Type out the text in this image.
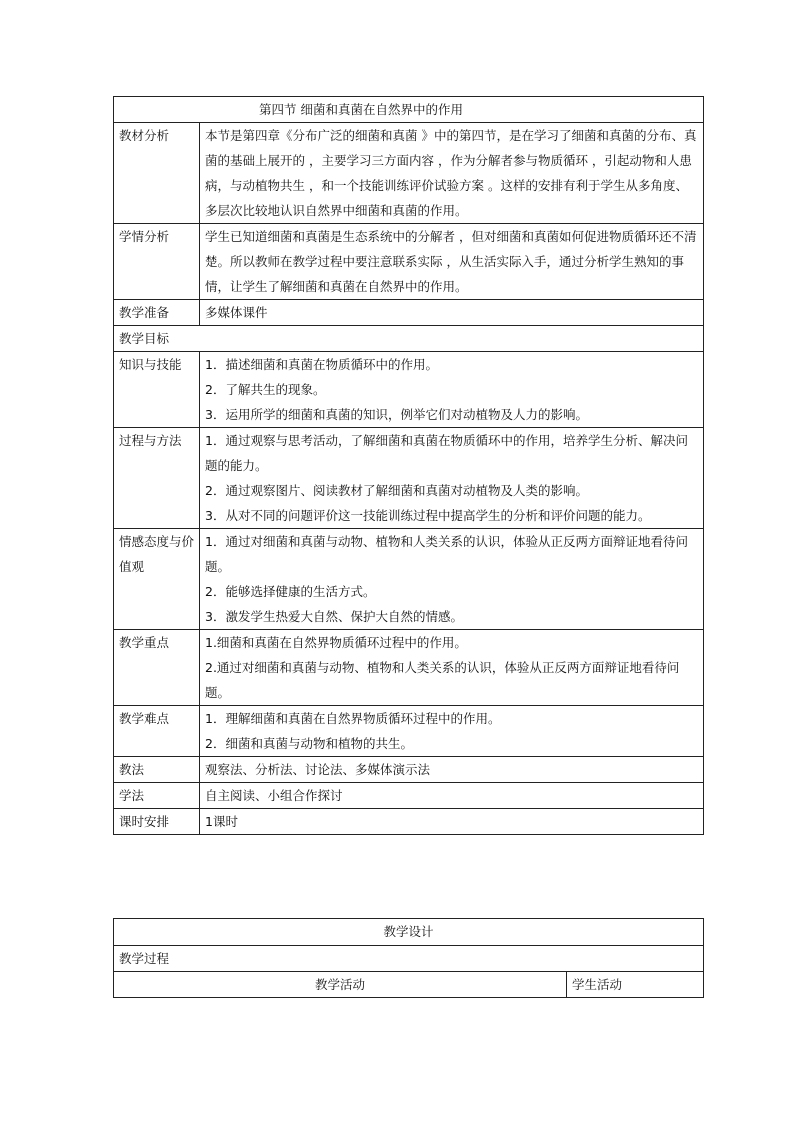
第四节 细菌和真菌在自然界中的作用	
教材分析	本节是第四章《分布广泛的细菌和真菌 》中的第四节，是在学习了细菌和真菌的分布、真菌的基础上展开的 ，主要学习三方面内容 ，作为分解者参与物质循环 ，引起动物和人患病，与动植物共生 ，和一个技能训练评价试验方案 。这样的安排有利于学生从多角度、多层次比较地认识自然界中细菌和真菌的作用。

学情分析	学生已知道细菌和真菌是生态系统中的分解者 ，但对细菌和真菌如何促进物质循环还不清楚。所以教师在教学过程中要注意联系实际 ，从生活实际入手，通过分析学生熟知的事情，让学生了解细菌和真菌在自然界中的作用。

教学准备	多媒体课件

教学目标	
知识与技能	1．描述细菌和真菌在物质循环中的作用。

2．了解共生的现象。

3．运用所学的细菌和真菌的知识，例举它们对动植物及人力的影响。

过程与方法	1．通过观察与思考活动，了解细菌和真菌在物质循环中的作用，培养学生分析、解决问题的能力。

2．通过观察图片、阅读教材了解细菌和真菌对动植物及人类的影响。

3．从对不同的问题评价这一技能训练过程中提高学生的分析和评价问题的能力。

情感态度与价值观	1．通过对细菌和真菌与动物、植物和人类关系的认识，体验从正反两方面辩证地看待问题。

2．能够选择健康的生活方式。

3．激发学生热爱大自然、保护大自然的情感。

教学重点	1.细菌和真菌在自然界物质循环过程中的作用。

2.通过对细菌和真菌与动物、植物和人类关系的认识，体验从正反两方面辩证地看待问题。

教学难点	1．理解细菌和真菌在自然界物质循环过程中的作用。

2．细菌和真菌与动物和植物的共生。

教法	观察法、分析法、讨论法、多媒体演示法

学法	自主阅读、小组合作探讨

课时安排	1课时

教学设计
教学过程
教学活动	学生活动
